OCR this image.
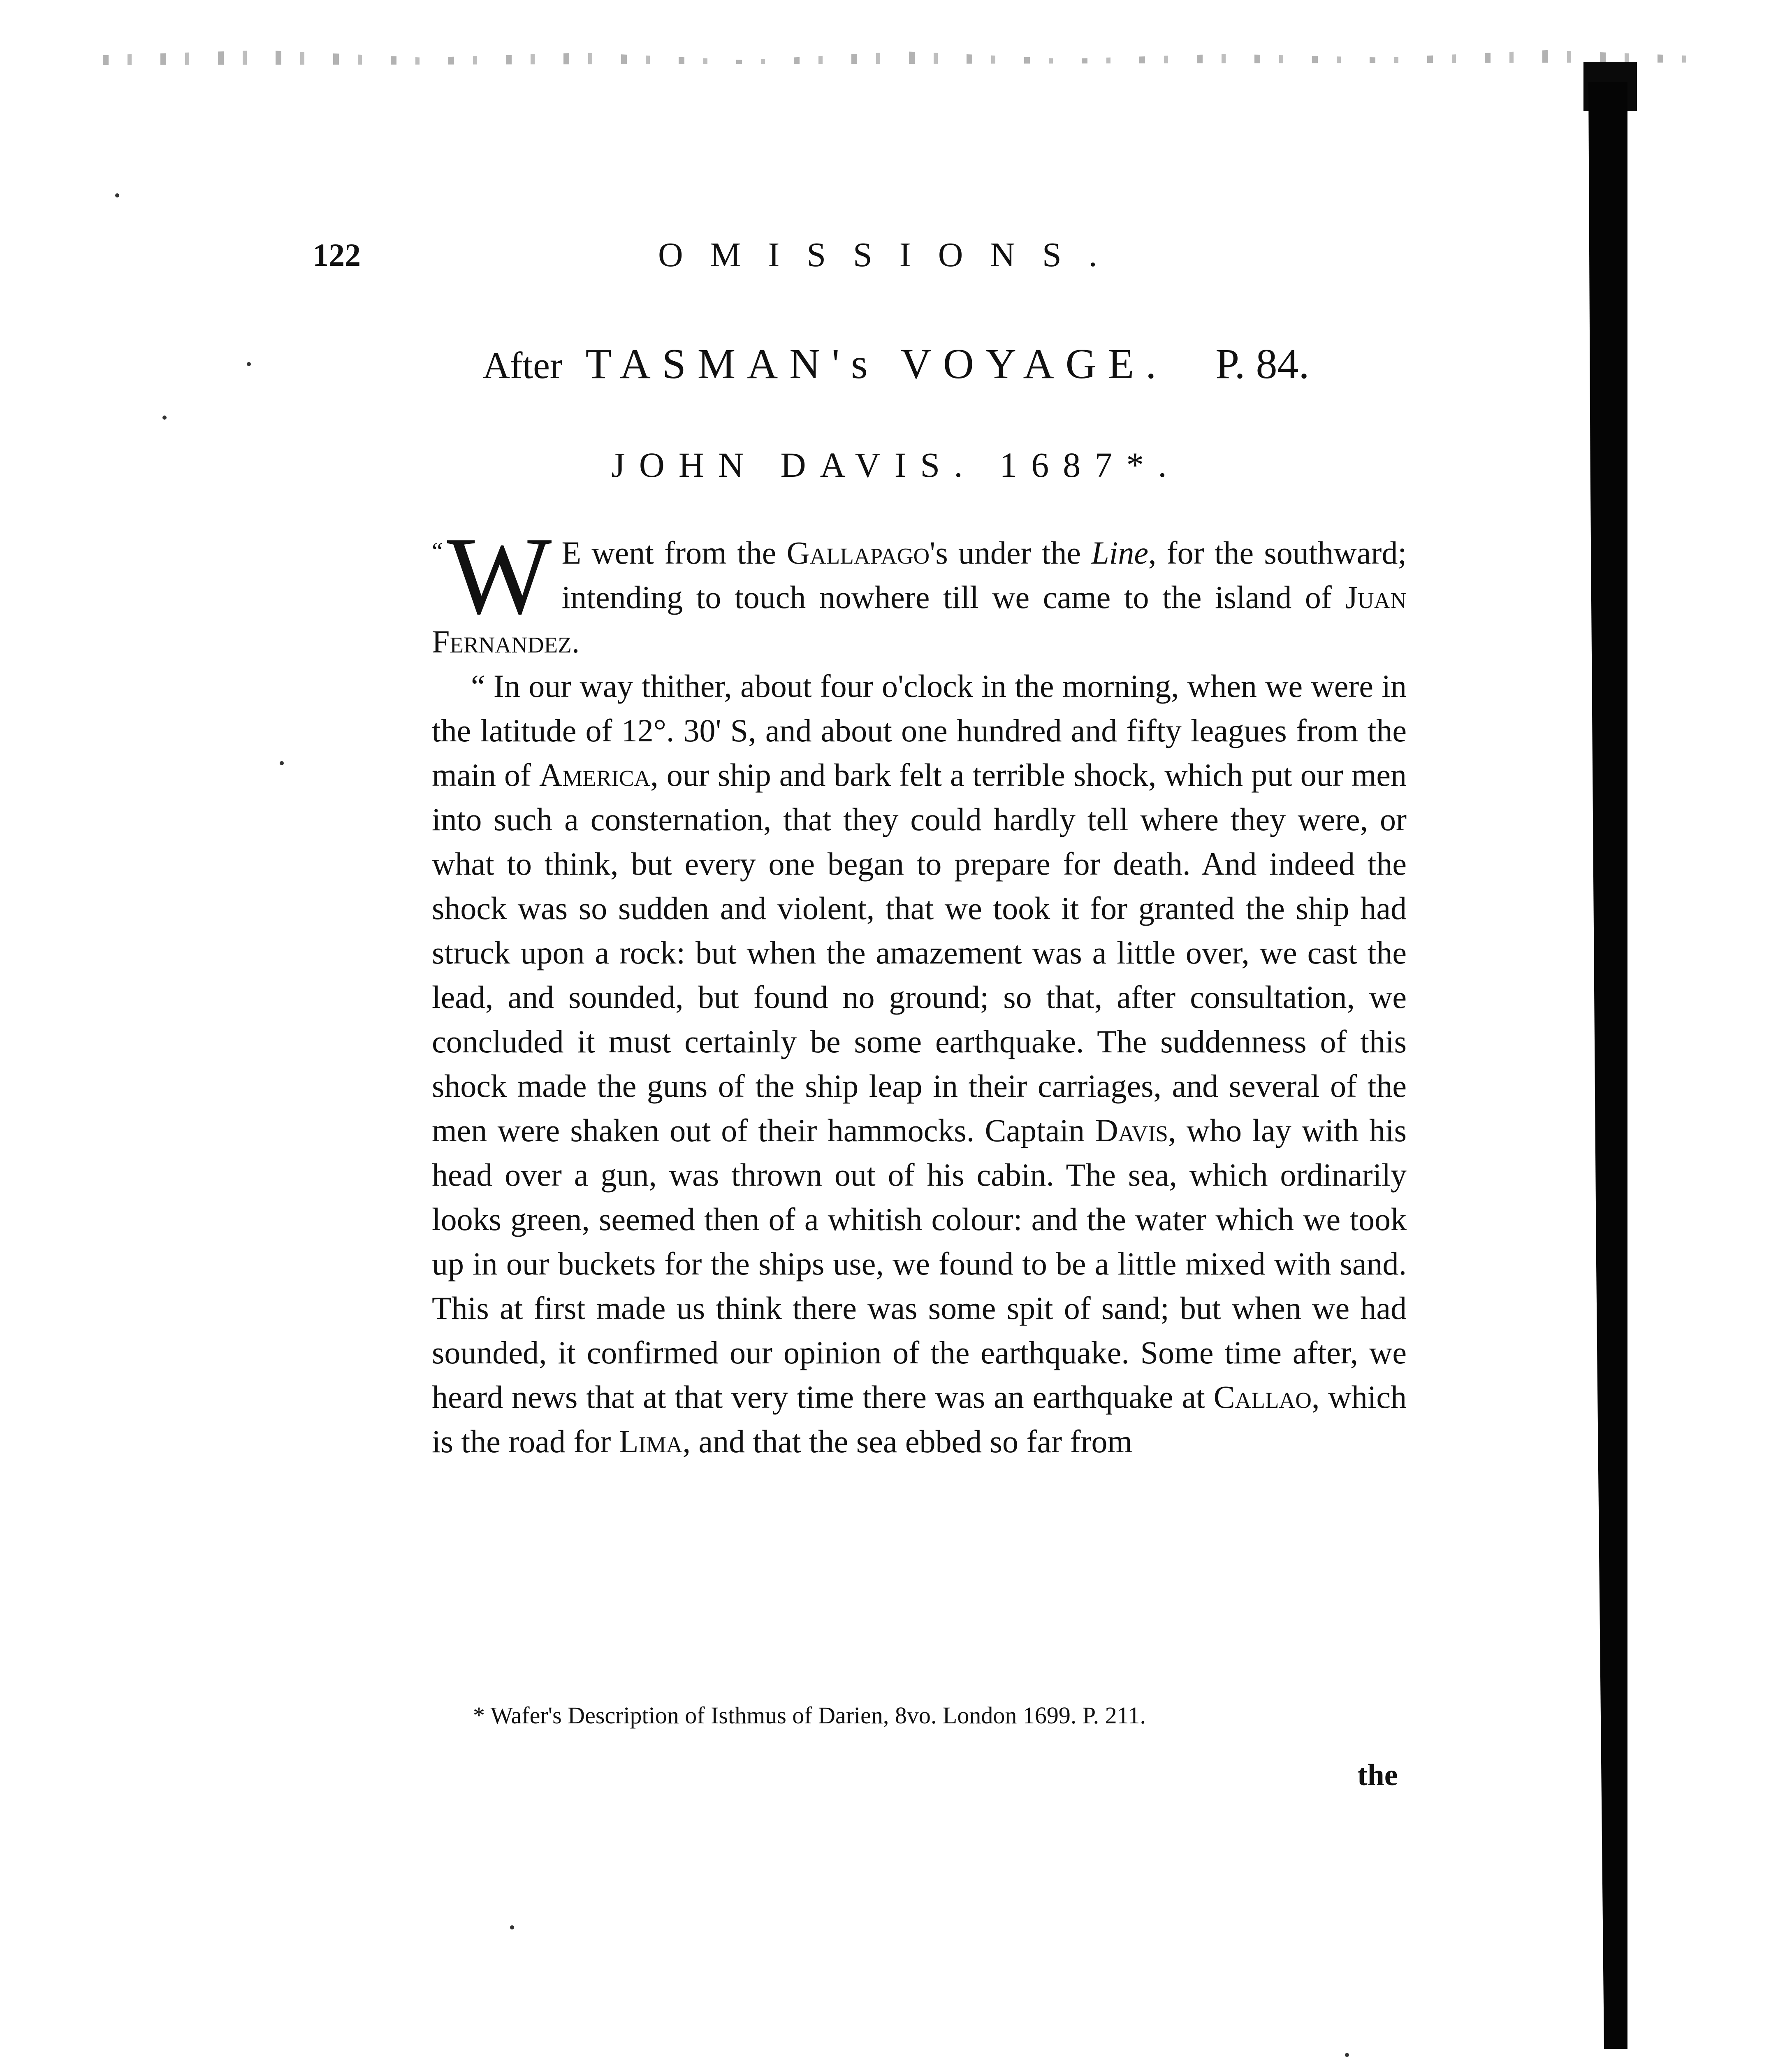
122	OMISSIONS.
After TASMAN's VOYAGE. P. 84.
JOHN DAVIS. 1687*.

“ W E went from the Gallapago's under the Line, for the southward; intending to touch nowhere till we came to the island of Juan Fernandez.

“ In our way thither, about four o'clock in the morning, when we were in the latitude of 12°. 30' S, and about one hundred and fifty leagues from the main of America, our ship and bark felt a terrible shock, which put our men into such a consternation, that they could hardly tell where they were, or what to think, but every one began to prepare for death. And indeed the shock was so sudden and violent, that we took it for granted the ship had struck upon a rock: but when the amazement was a little over, we cast the lead, and sounded, but found no ground; so that, after consultation, we concluded it must certainly be some earthquake. The suddenness of this shock made the guns of the ship leap in their carriages, and several of the men were shaken out of their hammocks. Captain Davis, who lay with his head over a gun, was thrown out of his cabin. The sea, which ordinarily looks green, seemed then of a whitish colour: and the water which we took up in our buckets for the ships use, we found to be a little mixed with sand. This at first made us think there was some spit of sand; but when we had sounded, it confirmed our opinion of the earthquake. Some time after, we heard news that at that very time there was an earthquake at Callao, which is the road for Lima, and that the sea ebbed so far from

* Wafer's Description of Isthmus of Darien, 8vo. London 1699. P. 211.
the
